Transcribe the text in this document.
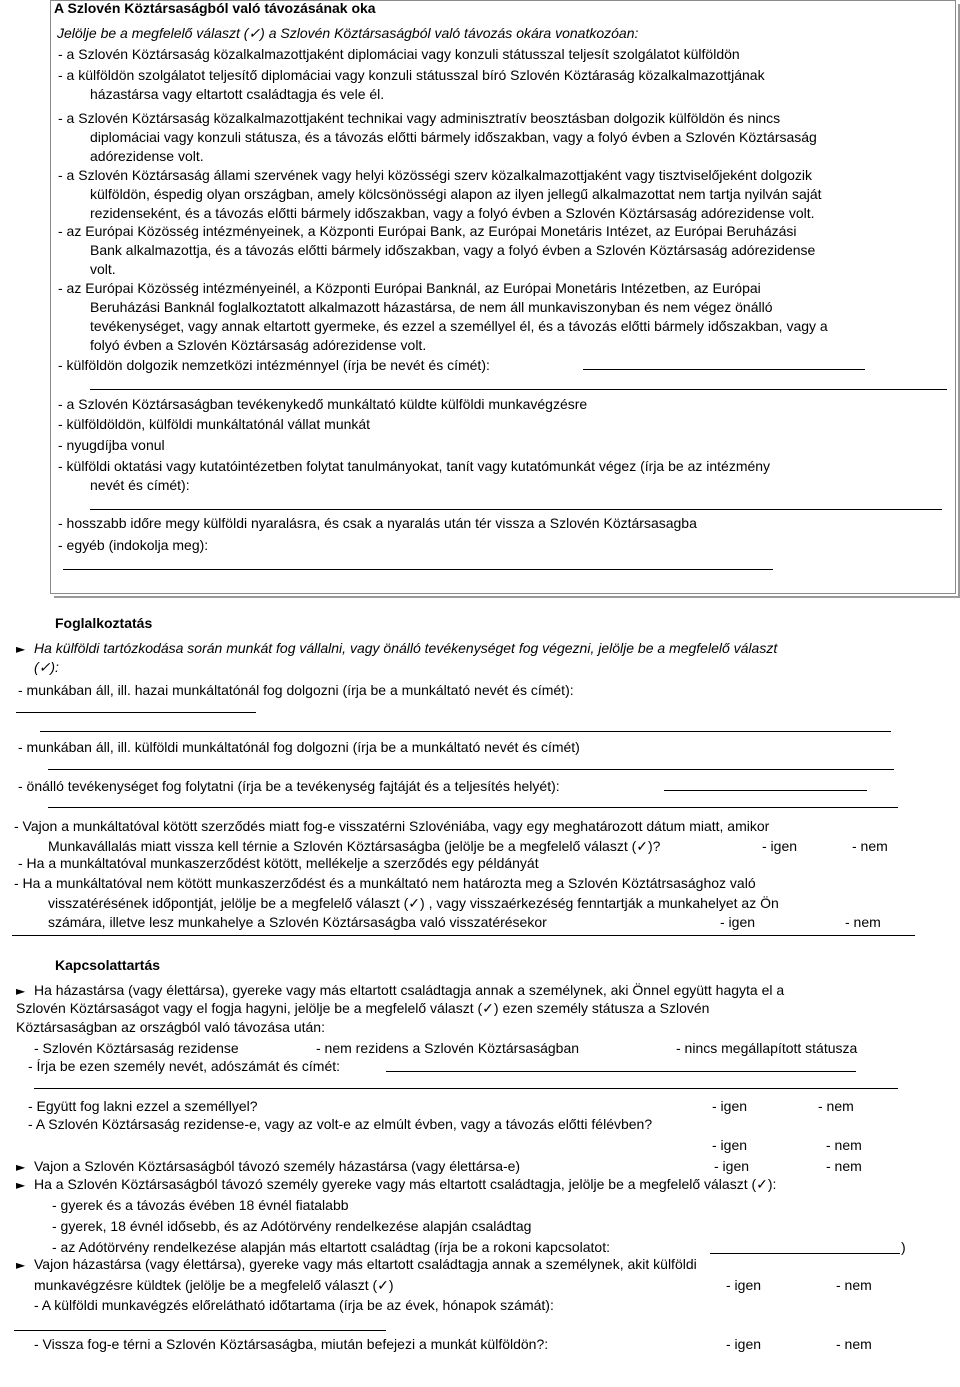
A Szlovén Köztársaságból való távozásának oka
Jelölje be a megfelelő választ (✓) a Szlovén Köztársaságból való távozás okára vonatkozóan:
- a Szlovén Köztársaság közalkalmazottjaként diplomáciai vagy konzuli státusszal teljesít szolgálatot külföldön
- a külföldön szolgálatot teljesítő diplomáciai vagy konzuli státusszal bíró Szlovén Köztáraság közalkalmazottjának
házastársa vagy eltartott családtagja és vele él.
- a Szlovén Köztársaság közalkalmazottjaként technikai vagy adminisztratív beosztásban dolgozik külföldön és nincs
diplomáciai vagy konzuli státusza, és a távozás előtti bármely időszakban, vagy a folyó évben a Szlovén Köztársaság
adórezidense volt.
- a Szlovén Köztársaság állami szervének vagy helyi közösségi szerv közalkalmazottjaként vagy tisztviselőjeként dolgozik
külföldön, éspedig olyan országban, amely kölcsönösségi alapon az ilyen jellegű alkalmazottat nem tartja nyilván saját
rezidenseként, és a távozás előtti bármely időszakban, vagy a folyó évben a Szlovén Köztársaság adórezidense volt.
- az Európai Közösség intézményeinek, a Központi Európai Bank, az Európai Monetáris Intézet, az Európai Beruházási
Bank alkalmazottja, és a távozás előtti bármely időszakban, vagy a folyó évben a Szlovén Köztársaság adórezidense
volt.
- az Európai Közösség intézményeinél, a Központi Európai Banknál, az Európai Monetáris Intézetben, az Európai
Beruházási Banknál foglalkoztatott alkalmazott házastársa, de nem áll munkaviszonyban és nem végez önálló
tevékenységet, vagy annak eltartott gyermeke, és ezzel a személlyel él, és a távozás előtti bármely időszakban, vagy a
folyó évben a Szlovén Köztársaság adórezidense volt.
- külföldön dolgozik nemzetközi intézménnyel (írja be nevét és címét):
- a Szlovén Köztársaságban tevékenykedő munkáltató küldte külföldi munkavégzésre
- külföldöldön, külföldi munkáltatónál vállat munkát
- nyugdíjba vonul
- külföldi oktatási vagy kutatóintézetben folytat tanulmányokat, tanít vagy kutatómunkát végez (írja be az intézmény
nevét és címét):
- hosszabb időre megy külföldi nyaralásra, és csak a nyaralás után tér vissza a Szlovén Köztársasagba
- egyéb (indokolja meg):
Foglalkoztatás
► Ha külföldi tartózkodása során munkát fog vállalni, vagy önálló tevékenységet fog végezni, jelölje be a megfelelő választ
(✓):
- munkában áll, ill. hazai munkáltatónál fog dolgozni (írja be a munkáltató nevét és címét):
- munkában áll, ill. külföldi munkáltatónál fog dolgozni (írja be a munkáltató nevét és címét)
- önálló tevékenységet fog folytatni (írja be a tevékenység fajtáját és a teljesítés helyét):
- Vajon a munkáltatóval kötött szerződés miatt fog-e visszatérni Szlovéniába, vagy egy meghatározott dátum miatt, amikor
Munkavállalás miatt vissza kell térnie a Szlovén Köztársaságba (jelölje be a megfelelő választ (✓)?	- igen	- nem
- Ha a munkáltatóval munkaszerződést kötött, mellékelje a szerződés egy példányát
- Ha a munkáltatóval nem kötött munkaszerződést és a munkáltató nem határozta meg a Szlovén Köztátrsasághoz való
visszatérésének időpontját, jelölje be a megfelelő választ (✓) , vagy visszaérkezéség fenntartják a munkahelyet az Ön
számára, illetve lesz munkahelye a Szlovén Köztársaságba való visszatérésekor	- igen	- nem
Kapcsolattartás
► Ha házastársa (vagy élettársa), gyereke vagy más eltartott családtagja annak a személynek, aki Önnel együtt hagyta el a
Szlovén Köztársaságot vagy el fogja hagyni, jelölje be a megfelelő választ (✓) ezen személy státusza a Szlovén
Köztársaságban az országból való távozása után:
- Szlovén Köztársaság rezidense	- nem rezidens a Szlovén Köztársaságban	- nincs megállapított státusza
- Írja be ezen személy nevét, adószámát és címét:
- Együtt fog lakni ezzel a személlyel?	- igen	- nem
- A Szlovén Köztársaság rezidense-e, vagy az volt-e az elmúlt évben, vagy a távozás előtti félévben?
- igen	- nem
► Vajon a Szlovén Köztársaságból távozó személy házastársa (vagy élettársa-e)	- igen	- nem
► Ha a Szlovén Köztársaságból távozó személy gyereke vagy más eltartott családtagja, jelölje be a megfelelő választ (✓):
- gyerek és a távozás évében 18 évnél fiatalabb
- gyerek, 18 évnél idősebb, és az Adótörvény rendelkezése alapján családtag
- az Adótörvény rendelkezése alapján más eltartott családtag (írja be a rokoni kapcsolatot:	)
► Vajon házastársa (vagy élettársa), gyereke vagy más eltartott családtagja annak a személynek, akit külföldi
munkavégzésre küldtek (jelölje be a megfelelő választ (✓)	- igen	- nem
- A külföldi munkavégzés előrelátható időtartama (írja be az évek, hónapok számát):
- Vissza fog-e térni a Szlovén Köztársaságba, miután befejezi a munkát külföldön?:	- igen	- nem
